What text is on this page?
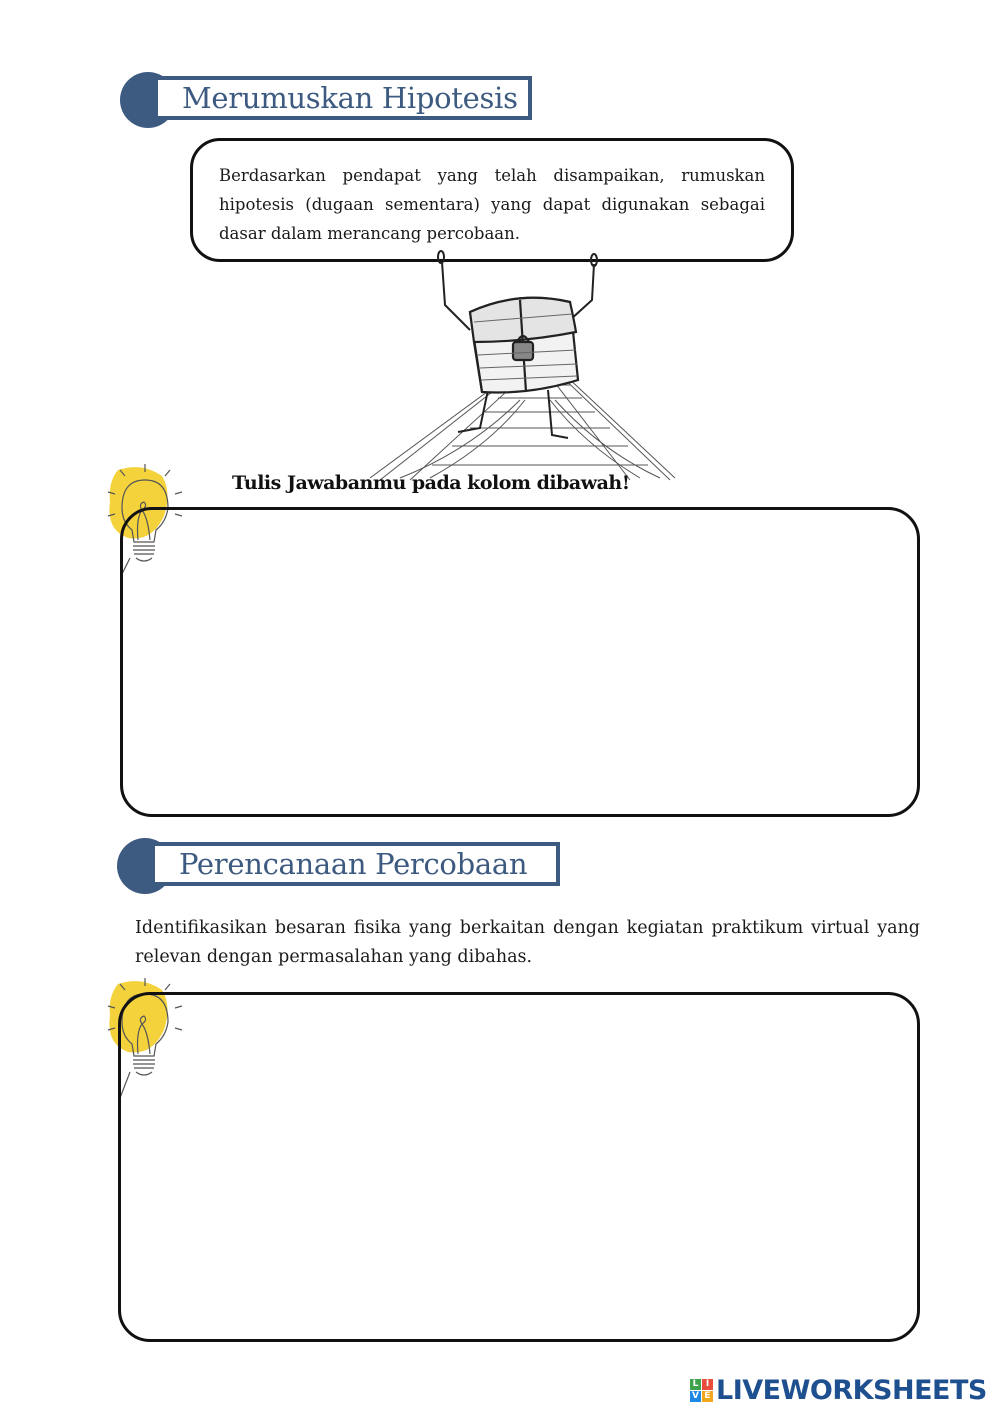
Merumuskan Hipotesis

Berdasarkan pendapat yang telah disampaikan, rumuskan hipotesis (dugaan sementara) yang dapat digunakan sebagai dasar dalam merancang percobaan.

Tulis Jawabanmu pada kolom dibawah!
Perencanaan Percobaan

Identifikasikan besaran fisika yang berkaitan dengan kegiatan praktikum virtual yang relevan dengan permasalahan yang dibahas.

L I
V E LIVEWORKSHEETS
